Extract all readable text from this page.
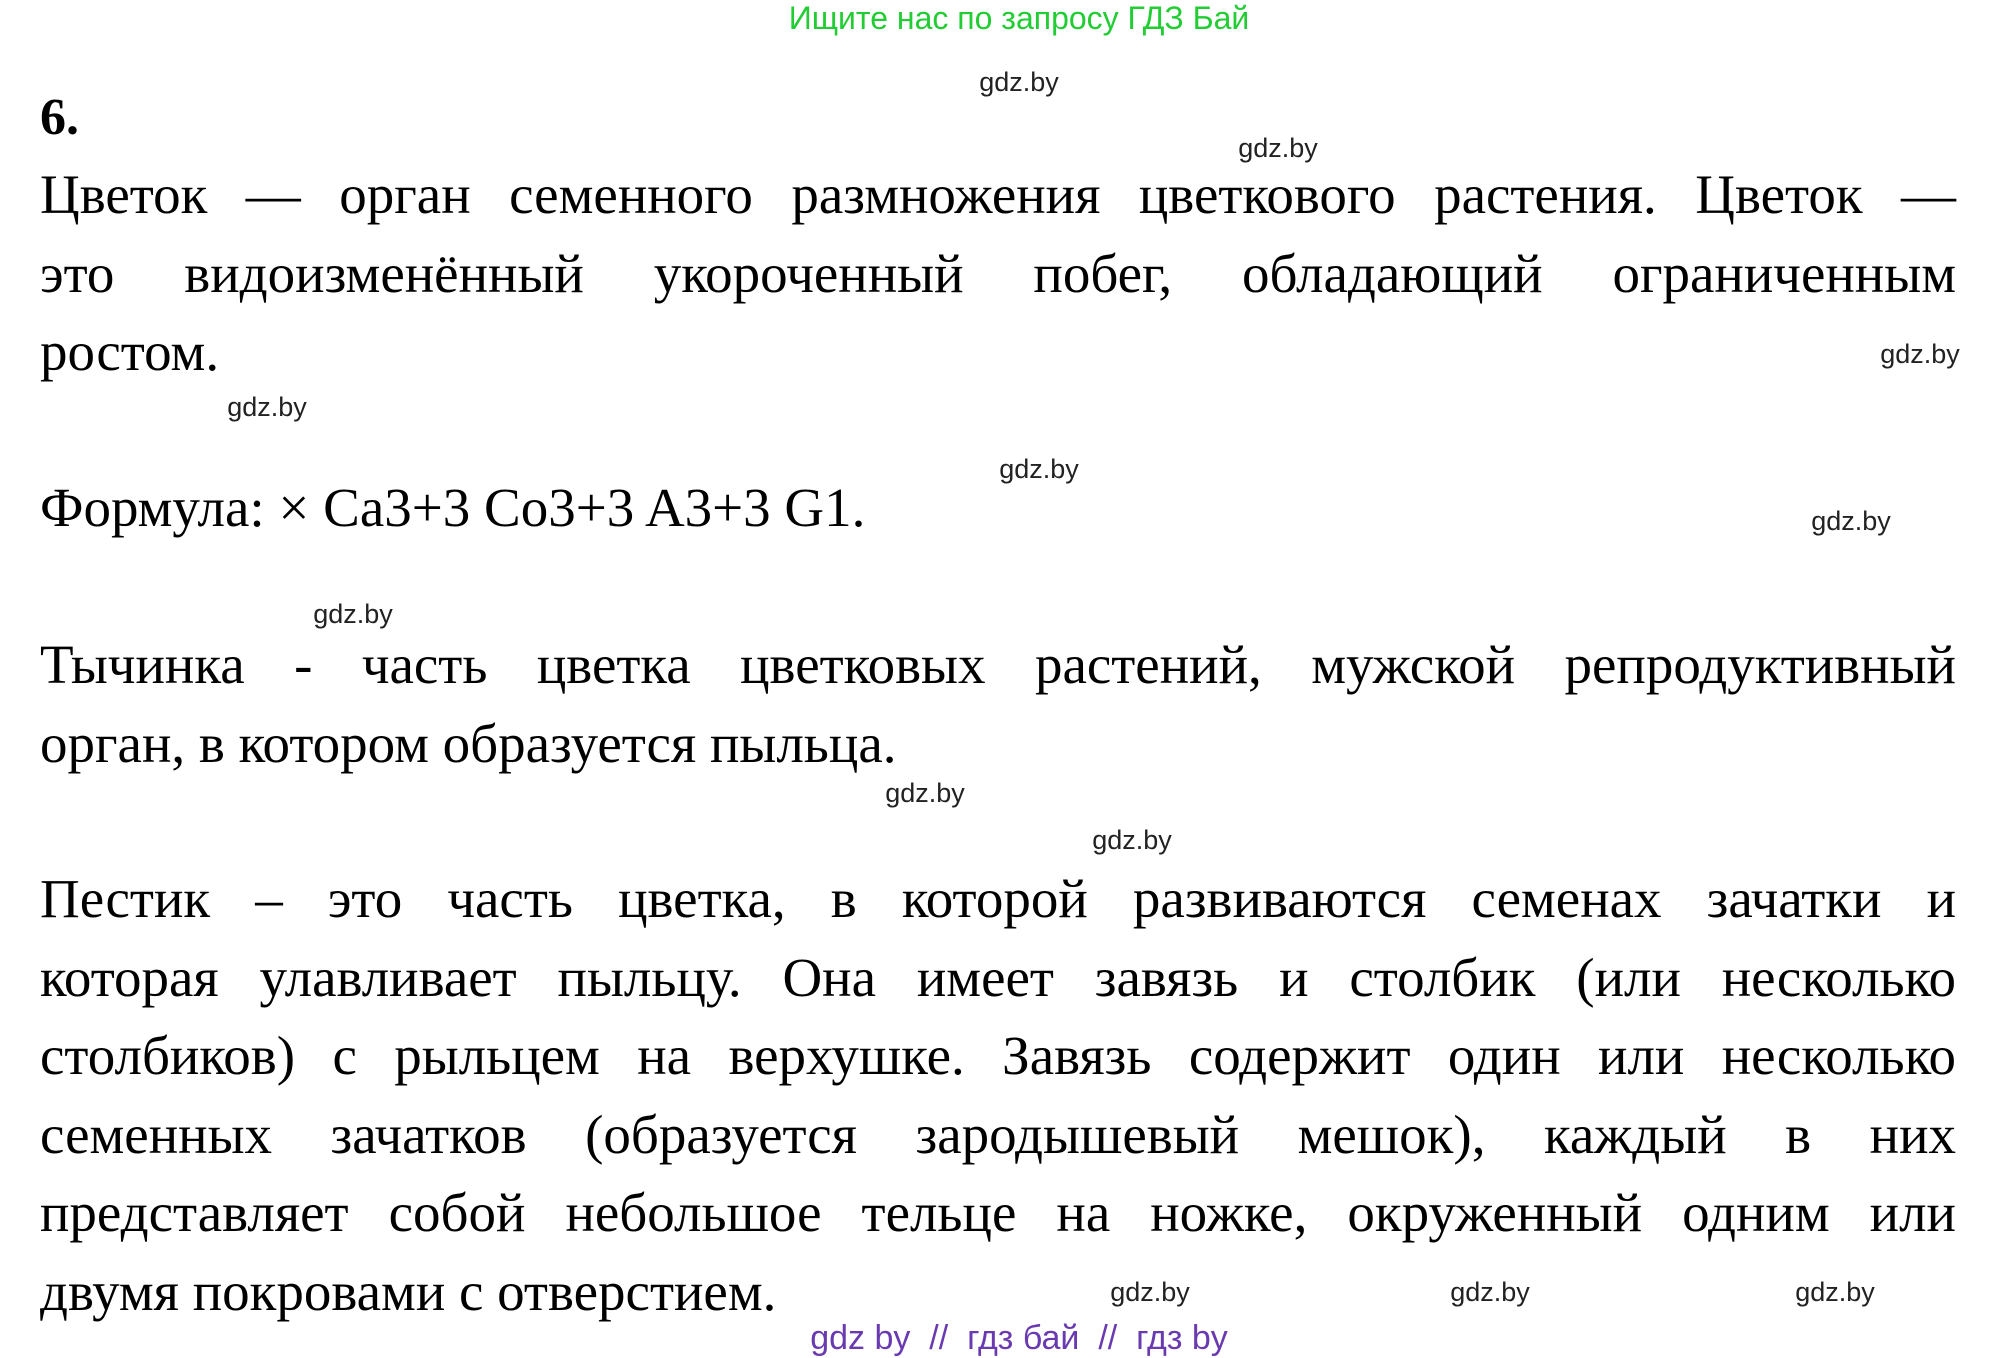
Ищите нас по запросу ГДЗ Бай
6.
Цветок — орган семенного размножения цветкового растения. Цветок —
это видоизменённый укороченный побег, обладающий ограниченным
ростом.
Формула: × Ca3+3 Co3+3 A3+3 G1.
Тычинка - часть цветка цветковых растений, мужской репродуктивный
орган, в котором образуется пыльца.
Пестик – это часть цветка, в которой развиваются семенах зачатки и
которая улавливает пыльцу. Она имеет завязь и столбик (или несколько
столбиков) с рыльцем на верхушке. Завязь содержит один или несколько
семенных зачатков (образуется зародышевый мешок), каждый в них
представляет собой небольшое тельце на ножке, окруженный одним или
двумя покровами с отверстием.
gdz.by
gdz.by
gdz.by
gdz.by
gdz.by
gdz.by
gdz.by
gdz.by
gdz.by
gdz.by	gdz.by
gdz.by
gdz by  //  гдз бай  //  гдз by
